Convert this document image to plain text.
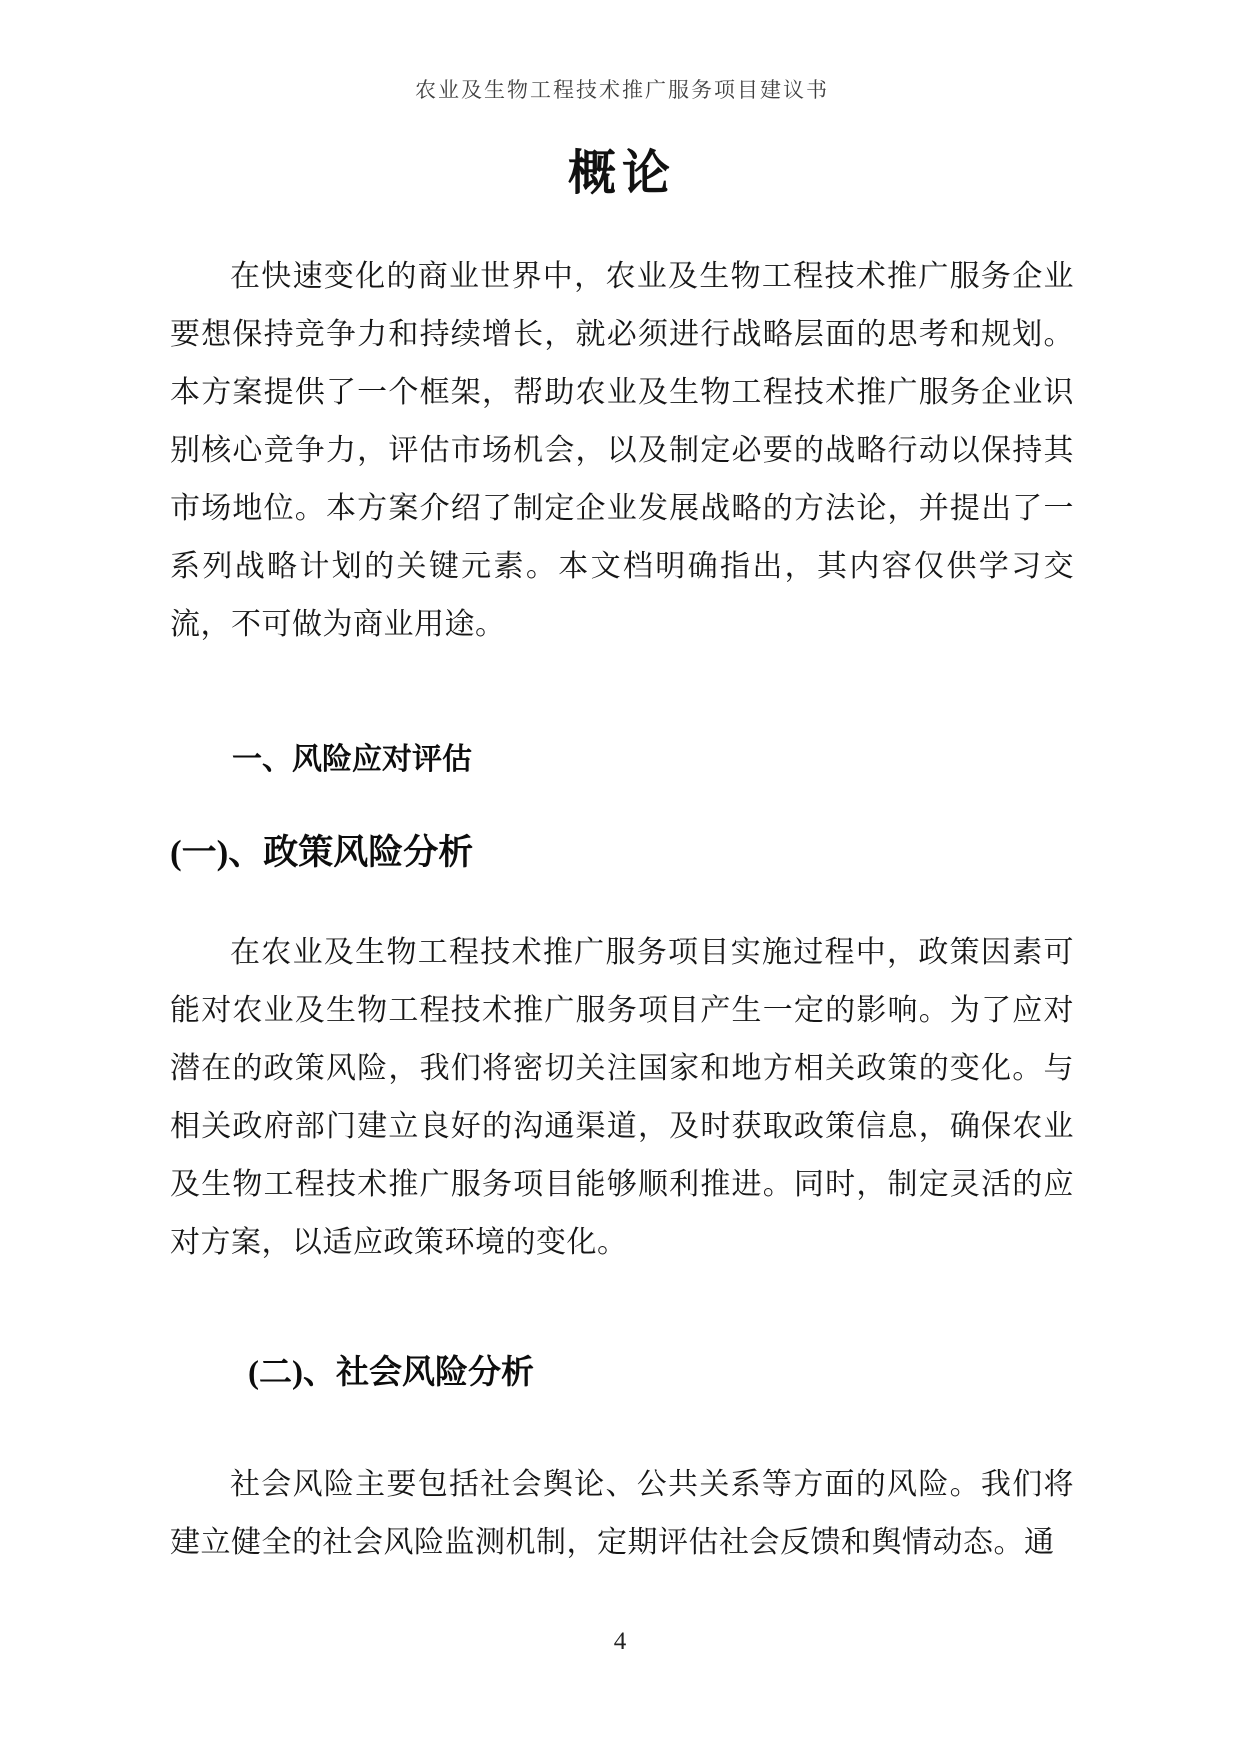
农业及生物工程技术推广服务项目建议书
概论

在快速变化的商业世界中，农业及生物工程技术推广服务企业要想保持竞争力和持续增长，就必须进行战略层面的思考和规划。本方案提供了一个框架，帮助农业及生物工程技术推广服务企业识别核心竞争力，评估市场机会，以及制定必要的战略行动以保持其市场地位。本方案介绍了制定企业发展战略的方法论，并提出了一系列战略计划的关键元素。本文档明确指出，其内容仅供学习交流，不可做为商业用途。

一、风险应对评估
(一)、政策风险分析

在农业及生物工程技术推广服务项目实施过程中，政策因素可能对农业及生物工程技术推广服务项目产生一定的影响。为了应对潜在的政策风险，我们将密切关注国家和地方相关政策的变化。与相关政府部门建立良好的沟通渠道，及时获取政策信息，确保农业及生物工程技术推广服务项目能够顺利推进。同时，制定灵活的应对方案，以适应政策环境的变化。

(二)、社会风险分析

社会风险主要包括社会舆论、公共关系等方面的风险。我们将建立健全的社会风险监测机制，定期评估社会反馈和舆情动态。通

4
